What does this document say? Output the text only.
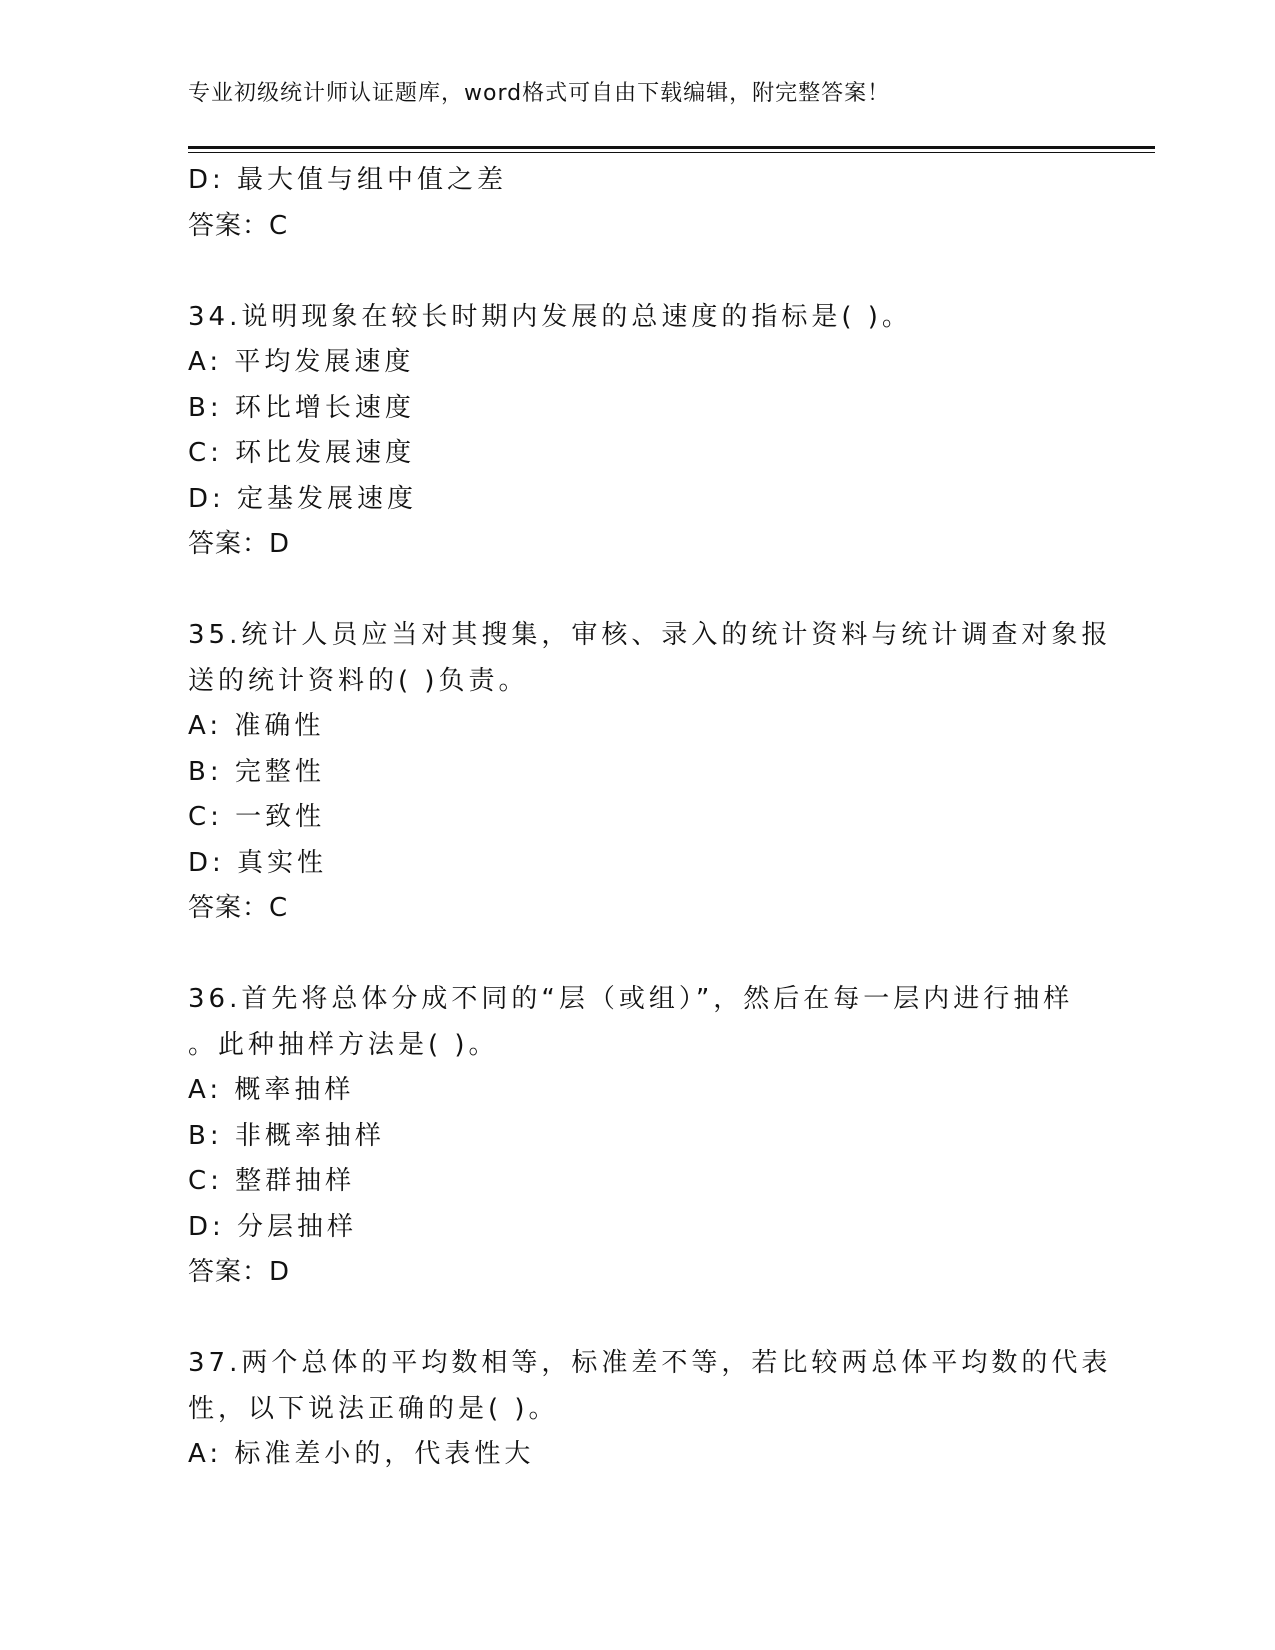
专业初级统计师认证题库，word格式可自由下载编辑，附完整答案！
D: 最大值与组中值之差
答案：C
34.说明现象在较长时期内发展的总速度的指标是( )。
A: 平均发展速度
B: 环比增长速度
C: 环比发展速度
D: 定基发展速度
答案：D
35.统计人员应当对其搜集，审核、录入的统计资料与统计调查对象报
送的统计资料的( )负责。
A: 准确性
B: 完整性
C: 一致性
D: 真实性
答案：C
36.首先将总体分成不同的“层（或组）”，然后在每一层内进行抽样
。此种抽样方法是( )。
A: 概率抽样
B: 非概率抽样
C: 整群抽样
D: 分层抽样
答案：D
37.两个总体的平均数相等，标准差不等，若比较两总体平均数的代表
性，以下说法正确的是( )。
A: 标准差小的，代表性大
